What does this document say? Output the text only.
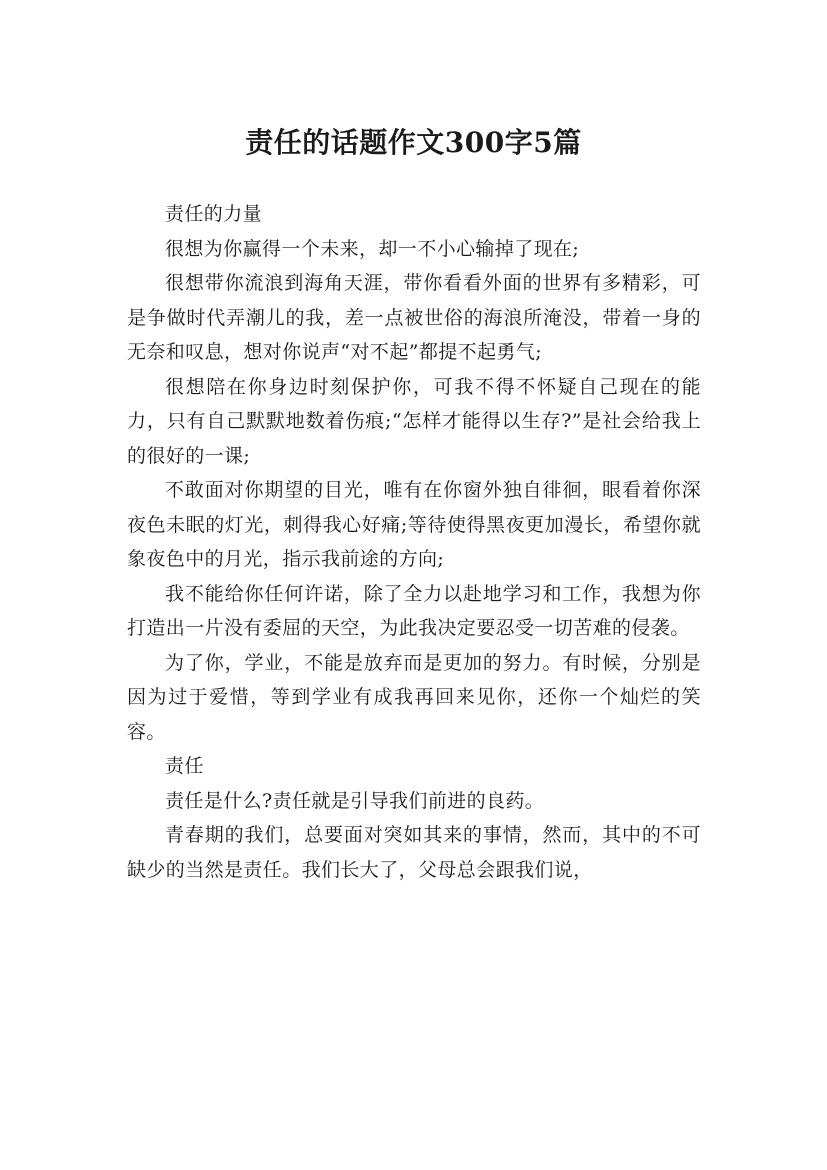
责任的话题作文300字5篇

责任的力量

很想为你赢得一个未来，却一不小心输掉了现在;

很想带你流浪到海角天涯，带你看看外面的世界有多精彩，可是争做时代弄潮儿的我，差一点被世俗的海浪所淹没，带着一身的无奈和叹息，想对你说声“对不起”都提不起勇气;

很想陪在你身边时刻保护你，可我不得不怀疑自己现在的能力，只有自己默默地数着伤痕;“怎样才能得以生存?”是社会给我上的很好的一课;

不敢面对你期望的目光，唯有在你窗外独自徘徊，眼看着你深夜色未眠的灯光，刺得我心好痛;等待使得黑夜更加漫长，希望你就象夜色中的月光，指示我前途的方向;

我不能给你任何许诺，除了全力以赴地学习和工作，我想为你打造出一片没有委屈的天空，为此我决定要忍受一切苦难的侵袭。

为了你，学业，不能是放弃而是更加的努力。有时候，分别是因为过于爱惜，等到学业有成我再回来见你，还你一个灿烂的笑容。

责任

责任是什么?责任就是引导我们前进的良药。

青春期的我们，总要面对突如其来的事情，然而，其中的不可缺少的当然是责任。我们长大了，父母总会跟我们说，
